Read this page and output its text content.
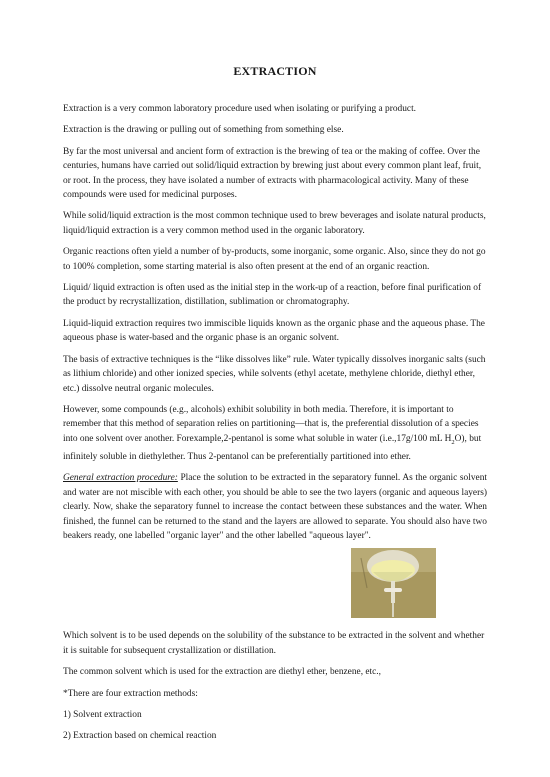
EXTRACTION

Extraction is a very common laboratory procedure used when isolating or purifying a product.

Extraction is the drawing or pulling out of something from something else.

By far the most universal and ancient form of extraction is the brewing of tea or the making of coffee. Over the centuries, humans have carried out solid/liquid extraction by brewing just about every common plant leaf, fruit, or root. In the process, they have isolated a number of extracts with pharmacological activity. Many of these compounds were used for medicinal purposes.

While solid/liquid extraction is the most common technique used to brew beverages and isolate natural products, liquid/liquid extraction is a very common method used in the organic laboratory.

Organic reactions often yield a number of by-products, some inorganic, some organic. Also, since they do not go to 100% completion, some starting material is also often present at the end of an organic reaction.

Liquid/ liquid extraction is often used as the initial step in the work-up of a reaction, before final purification of the product by recrystallization, distillation, sublimation or chromatography.

Liquid-liquid extraction requires two immiscible liquids known as the organic phase and the aqueous phase. The aqueous phase is water-based and the organic phase is an organic solvent.

The basis of extractive techniques is the “like dissolves like” rule. Water typically dissolves inorganic salts (such as lithium chloride) and other ionized species, while solvents (ethyl acetate, methylene chloride, diethyl ether, etc.) dissolve neutral organic molecules.

However, some compounds (e.g., alcohols) exhibit solubility in both media. Therefore, it is important to remember that this method of separation relies on partitioning—that is, the preferential dissolution of a species into one solvent over another. Forexample,2-pentanol is some what soluble in water (i.e.,17g/100 mL $H_2O$), but infinitely soluble in diethylether. Thus 2-pentanol can be preferentially partitioned into ether.

General extraction procedure: Place the solution to be extracted in the separatory funnel. As the organic solvent and water are not miscible with each other, you should be able to see the two layers (organic and aqueous layers) clearly. Now, shake the separatory funnel to increase the contact between these substances and the water. When finished, the funnel can be returned to the stand and the layers are allowed to separate. You should also have two beakers ready, one labelled "organic layer" and the other labelled "aqueous layer".

Which solvent is to be used depends on the solubility of the substance to be extracted in the solvent and whether it is suitable for subsequent crystallization or distillation.

The common solvent which is used for the extraction are diethyl ether, benzene, etc.,

*There are four extraction methods:

1) Solvent extraction

2) Extraction based on chemical reaction
